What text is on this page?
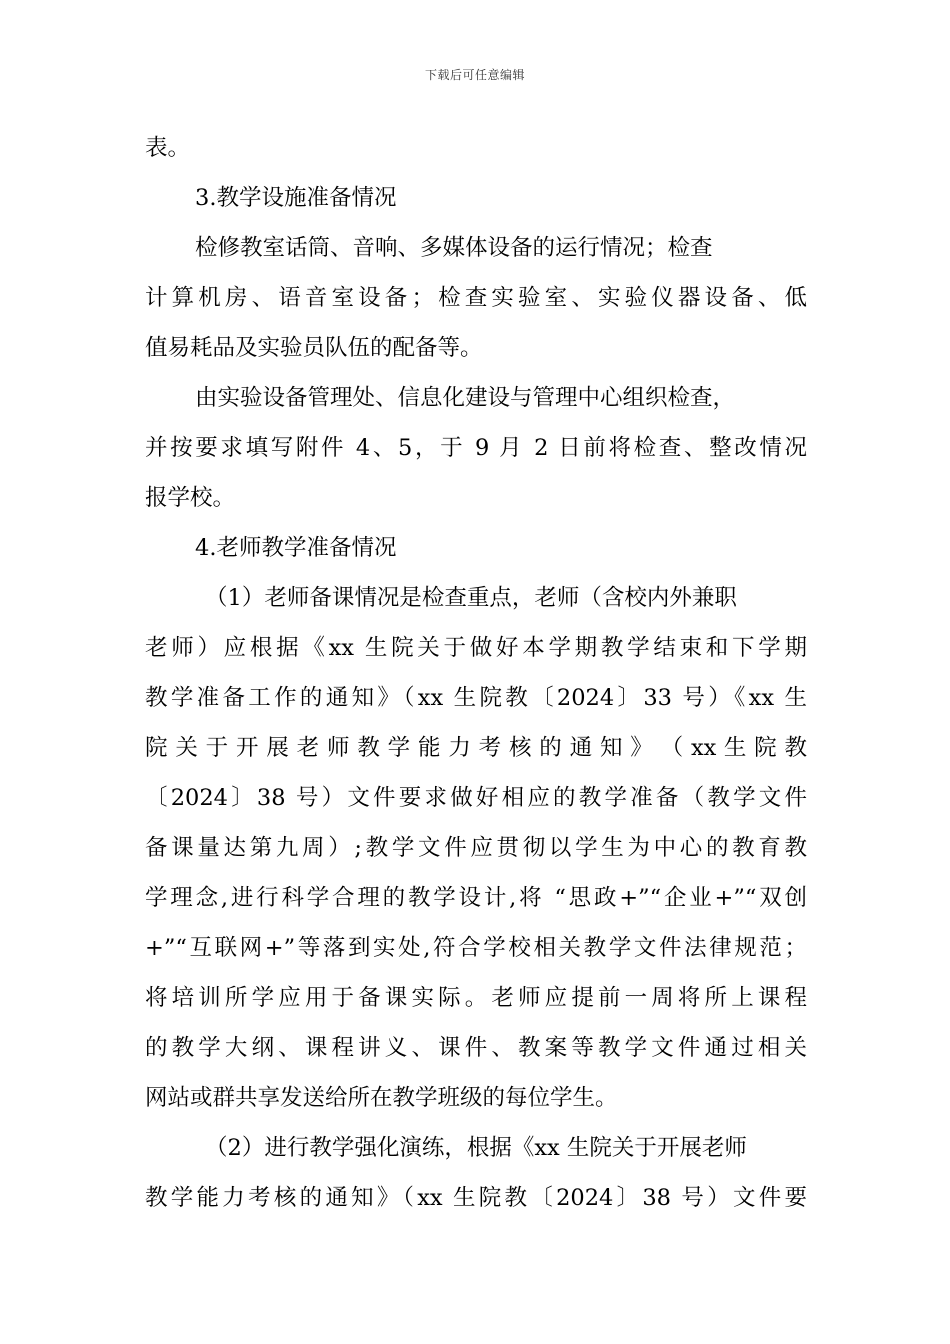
下载后可任意编辑
表。
3.教学设施准备情况
检修教室话筒、音响、多媒体设备的运行情况；检查
计算机房、语音室设备；检查实验室、实验仪器设备、低
值易耗品及实验员队伍的配备等。
由实验设备管理处、信息化建设与管理中心组织检查，
并按要求填写附件 4、5，于 9 月 2 日前将检查、整改情况
报学校。
4.老师教学准备情况
（1）老师备课情况是检查重点，老师（含校内外兼职
老师）应根据《xx 生院关于做好本学期教学结束和下学期
教学准备工作的通知》（xx 生院教〔2024〕33 号）《xx 生
院 关 于 开 展 老 师 教 学 能 力 考 核 的 通 知 》 （ xx 生 院 教
〔2024〕38 号）文件要求做好相应的教学准备（教学文件
备课量达第九周）;教学文件应贯彻以学生为中心的教育教
学理念,进行科学合理的教学设计,将 “思政+”“企业+”“双创
+”“互联网+”等落到实处,符合学校相关教学文件法律规范；
将培训所学应用于备课实际。老师应提前一周将所上课程
的教学大纲、课程讲义、课件、教案等教学文件通过相关
网站或群共享发送给所在教学班级的每位学生。
（2）进行教学强化演练，根据《xx 生院关于开展老师
教学能力考核的通知》（xx 生院教〔2024〕38 号）文件要
